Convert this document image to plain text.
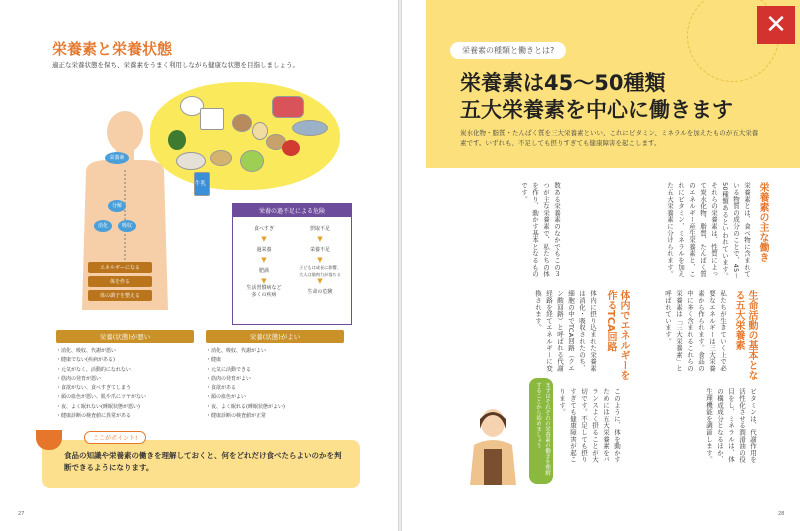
栄養素と栄養状態
適正な栄養状態を保ち、栄養素をうまく利用しながら健康な状態を目指しましょう。
牛乳
栄養素
分解
消化	吸収
エネルギーになる
体を作る
体の調子を整える
栄養の過不足による危険
食べすぎ
▼
過栄養
▼
肥満
▼
生活習慣病など
多くの疾病
摂取不足
▼
栄養不足
▼
子どもは成長に影響、
大人は筋肉力が落ちる
▼
生命の危険
栄養(状態)が悪い
・消化、吸収、代謝が悪い
・健康でない(疾病がある)
・元気がなく、活動的になれない
・筋肉の発育が悪い
・食欲がない、食べすぎてしまう
・顔の血色が悪い、肌や爪にツヤがない
・夜、よく眠れない(睡眠状態が悪い)
・健康診断の検査値に異常がある
栄養(状態)がよい
・消化、吸収、代謝がよい
・健康
・元気に活動できる
・筋肉の発育がよい
・食欲がある
・顔の血色がよい
・夜、よく眠れる(睡眠状態がよい)
・健康診断の検査値が正常
ここがポイント!
食品の知識や栄養素の働きを理解しておくと、何をどれだけ食べたらよいのかを判断できるようになります。
27
栄養素の種類と働きとは?
栄養素は45〜50種類
五大栄養素を中心に働きます
炭水化物・脂質・たんぱく質を三大栄養素といい、これにビタミン、ミネラルを加えたものが五大栄養素です。いずれも、不足しても摂りすぎても健康障害を起こします。
栄養素の主な働き
栄養素とは、食べ物に含まれている物質の成分のことで、45〜50種類あるといわれています。それらの栄養素は、性質によって炭水化物、脂質、たんぱく質のエネルギー産生栄養素と、これにビタミン、ミネラルを加えた五大栄養素に分けられます。
数ある栄養素のなかでもこの３つが主な栄養素で、私たちの体を作り、動かす基本となるものです。
生命活動の基本となる五大栄養素
私たちが生きていく上で必要なエネルギーは三大栄養素から作られます。食品の中に多く含まれるこれらの栄養素は「三大栄養素」と呼ばれています。
体内でエネルギーを作るTCA回路
体内に摂り込まれた栄養素は消化・吸収されたのち、細胞の中でTCA回路（クエン酸回路）と呼ばれる代謝経路を経てエネルギーに変換されます。
ビタミンは、代謝作用を活性化させる潤滑油の役目をし、ミネラルは、体の構成成分となるほか、生理機能を調節します。
このように、体を動かすためには五大栄養素をバランスよく摂ることが大切です。不足しても摂りすぎても健康障害が起こります。
まずはそれぞれの栄養素の働きを理解することから始めましょう
✕
28
